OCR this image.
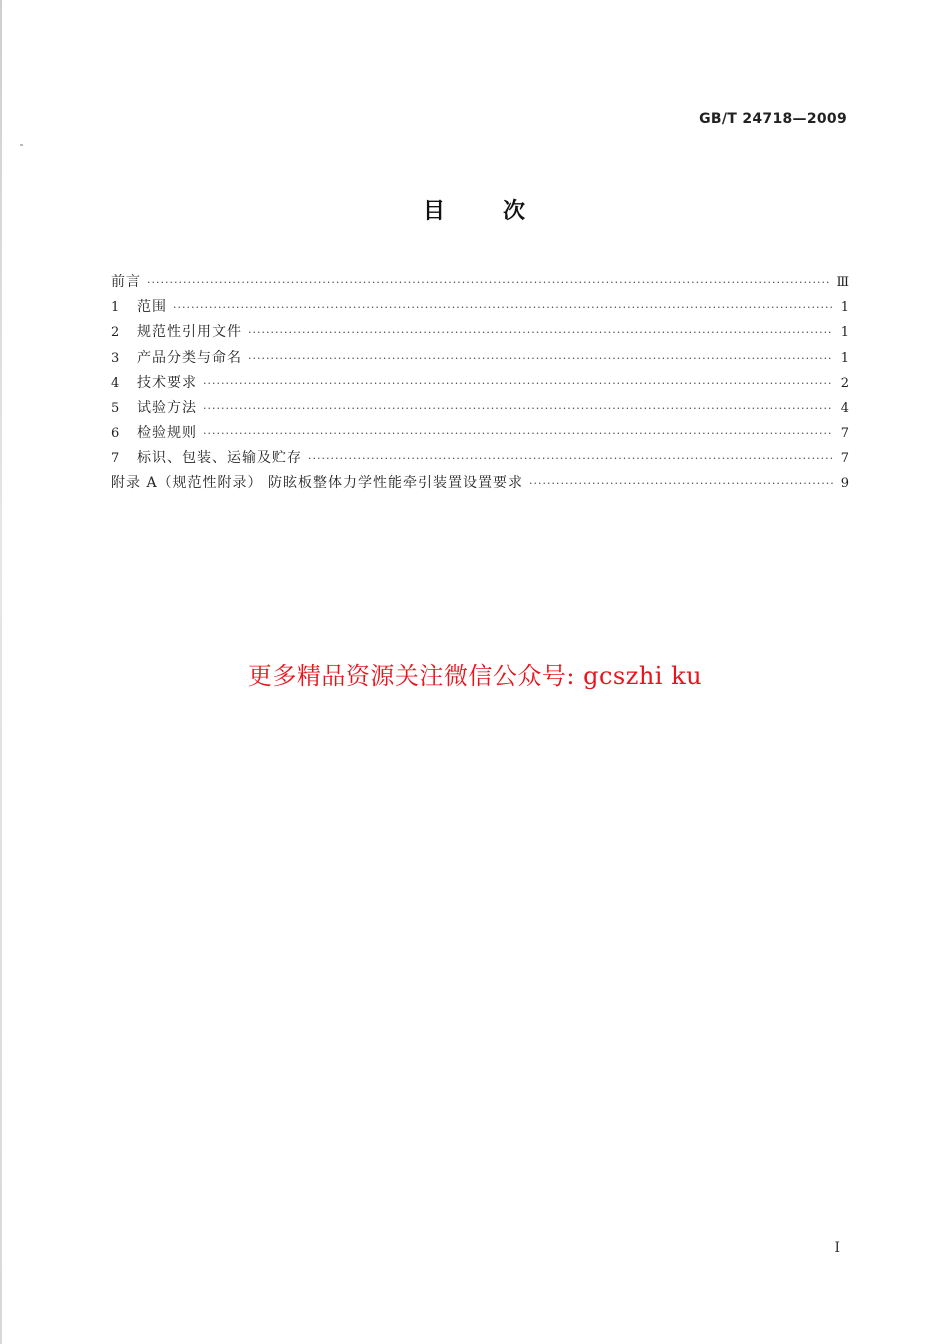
GB/T 24718—2009
目	次
前言 ·····	Ⅲ
1	范围 ·····	1
2	规范性引用文件 ·····	1
3	产品分类与命名 ·····	1
4	技术要求 ·····	2
5	试验方法 ·····	4
6	检验规则 ·····	7
7	标识、包装、运输及贮存 ·····	7
附录 A（规范性附录） 防眩板整体力学性能牵引装置设置要求 ·····	9
更多精品资源关注微信公众号: gcszhi ku
I
